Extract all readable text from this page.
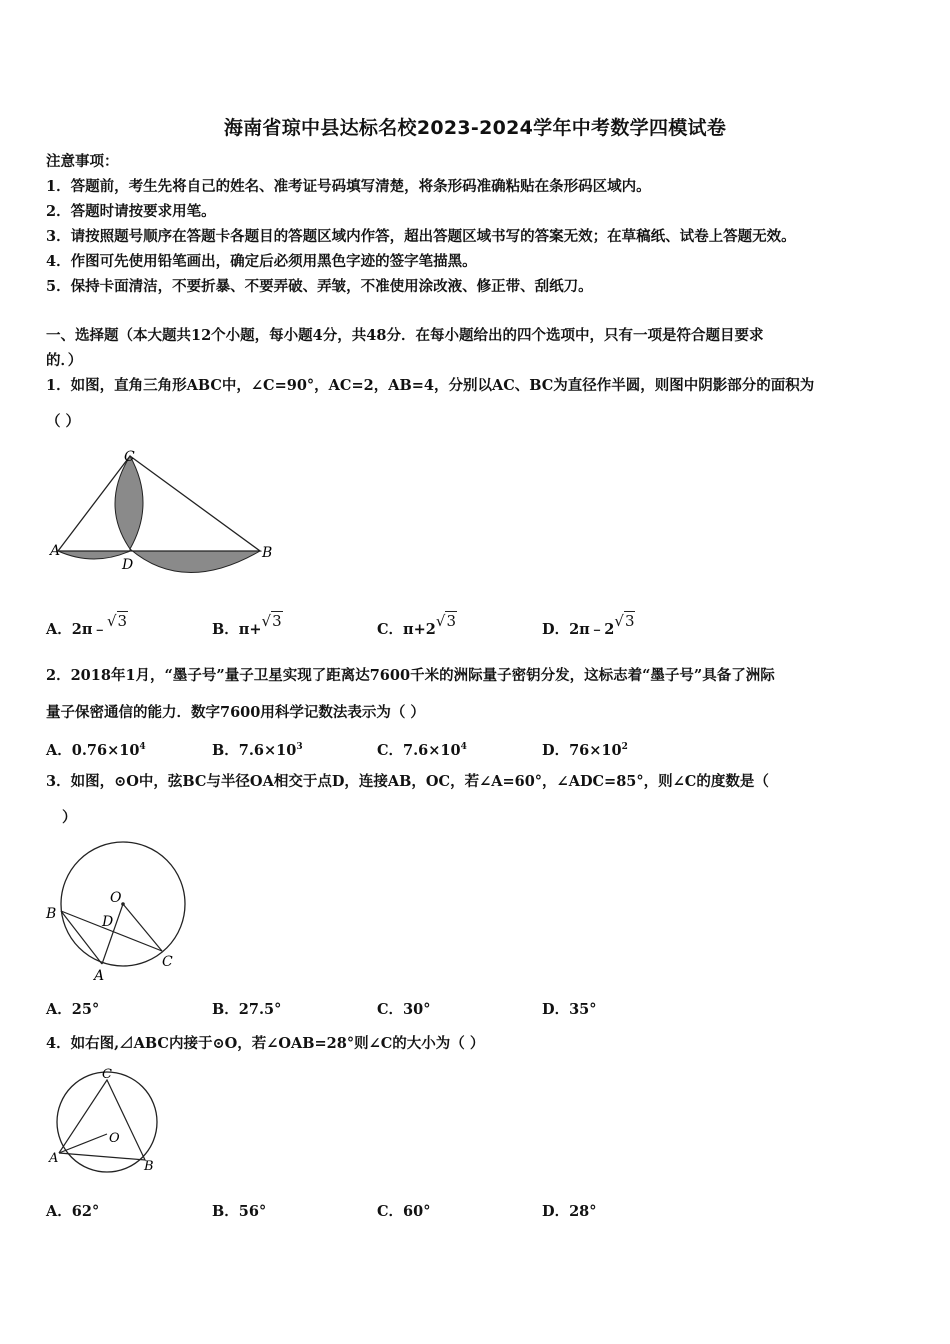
海南省琼中县达标名校2023-2024学年中考数学四模试卷
注意事项：
1．答题前，考生先将自己的姓名、准考证号码填写清楚，将条形码准确粘贴在条形码区域内。
2．答题时请按要求用笔。
3．请按照题号顺序在答题卡各题目的答题区域内作答，超出答题区域书写的答案无效；在草稿纸、试卷上答题无效。
4．作图可先使用铅笔画出，确定后必须用黑色字迹的签字笔描黑。
5．保持卡面清洁，不要折暴、不要弄破、弄皱，不准使用涂改液、修正带、刮纸刀。
一、选择题（本大题共12个小题，每小题4分，共48分．在每小题给出的四个选项中，只有一项是符合题目要求
的．）
1．如图，直角三角形ABC中，∠C=90°，AC=2，AB=4，分别以AC、BC为直径作半圆，则图中阴影部分的面积为
（ ）
C
A
D
B
A．2π﹣√3	B．π+√3	C．π+2√3	D．2π﹣2√3
2．2018年1月，“墨子号”量子卫星实现了距离达7600千米的洲际量子密钥分发，这标志着“墨子号”具备了洲际
量子保密通信的能力．数字7600用科学记数法表示为（ ）
A．$0.76\times 10^4$	B．$7.6\times 10^3$	C．$7.6\times 10^4$	D．$76\times 10^2$
3．如图，⊙O中，弦BC与半径OA相交于点D，连接AB，OC，若∠A=60°，∠ADC=85°，则∠C的度数是（
）
O
B	D
A
C
A．25°	B．27.5°	C．30°	D．35°
4．如右图,⊿ABC内接于⊙O，若∠OAB=28°则∠C的大小为（ ）
C
O
A
B
A．62°	B．56°	C．60°	D．28°
